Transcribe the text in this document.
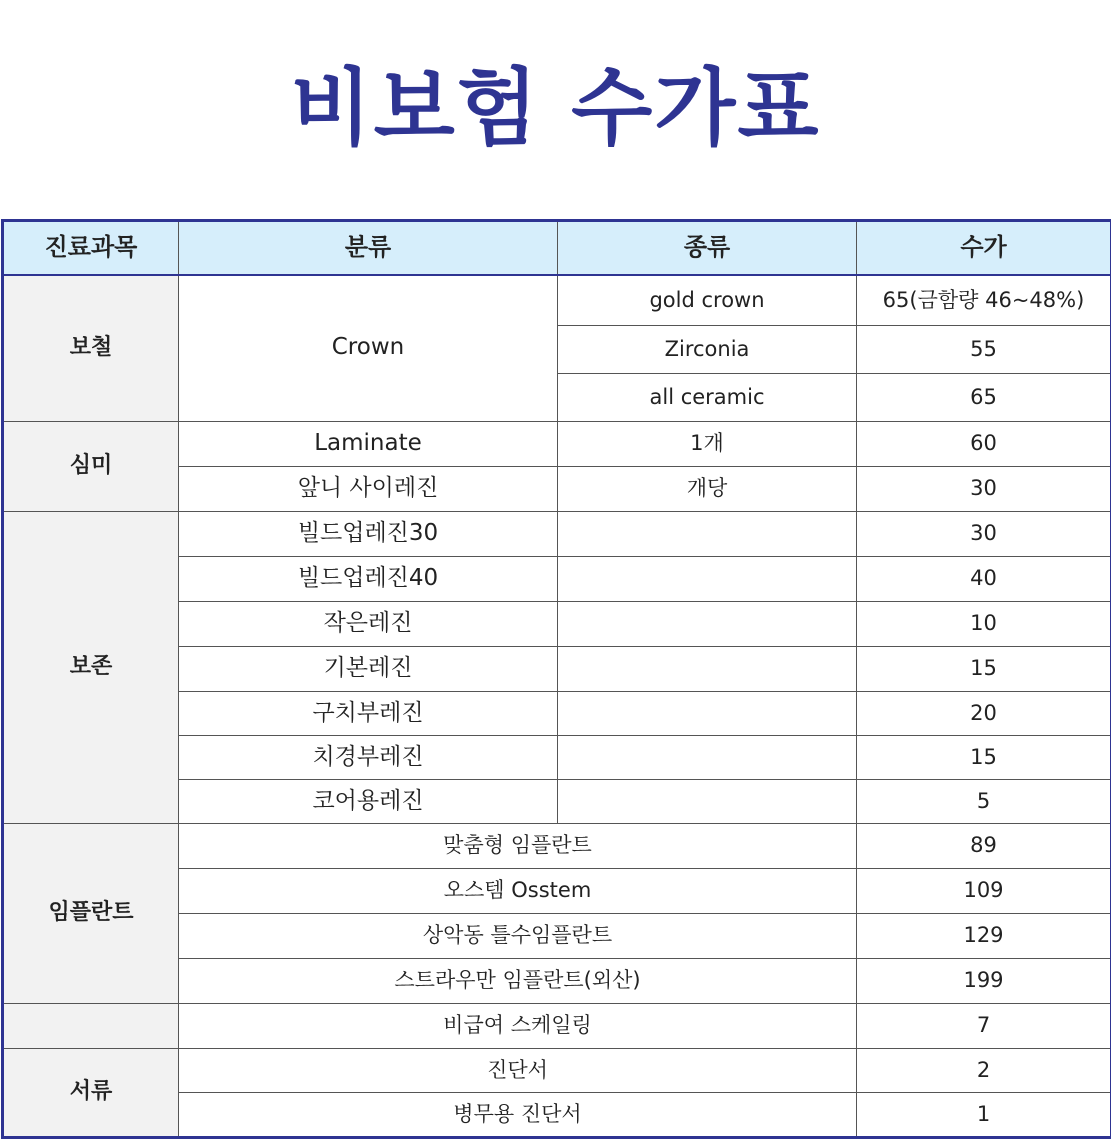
비보험 수가표
진료과목	분류	종류	수가
보철	Crown	gold crown	65(금함량 46~48%)
		Zirconia	55
		all ceramic	65
심미	Laminate	1개	60
	앞니 사이레진	개당	30
보존	빌드업레진30		30
	빌드업레진40		40
	작은레진		10
	기본레진		15
	구치부레진		20
	치경부레진		15
	코어용레진		5
임플란트	맞춤형 임플란트		89
	오스템 Osstem		109
	상악동 틀수임플란트		129
	스트라우만 임플란트(외산)		199
	비급여 스케일링		7
서류	진단서		2
	병무용 진단서		1
